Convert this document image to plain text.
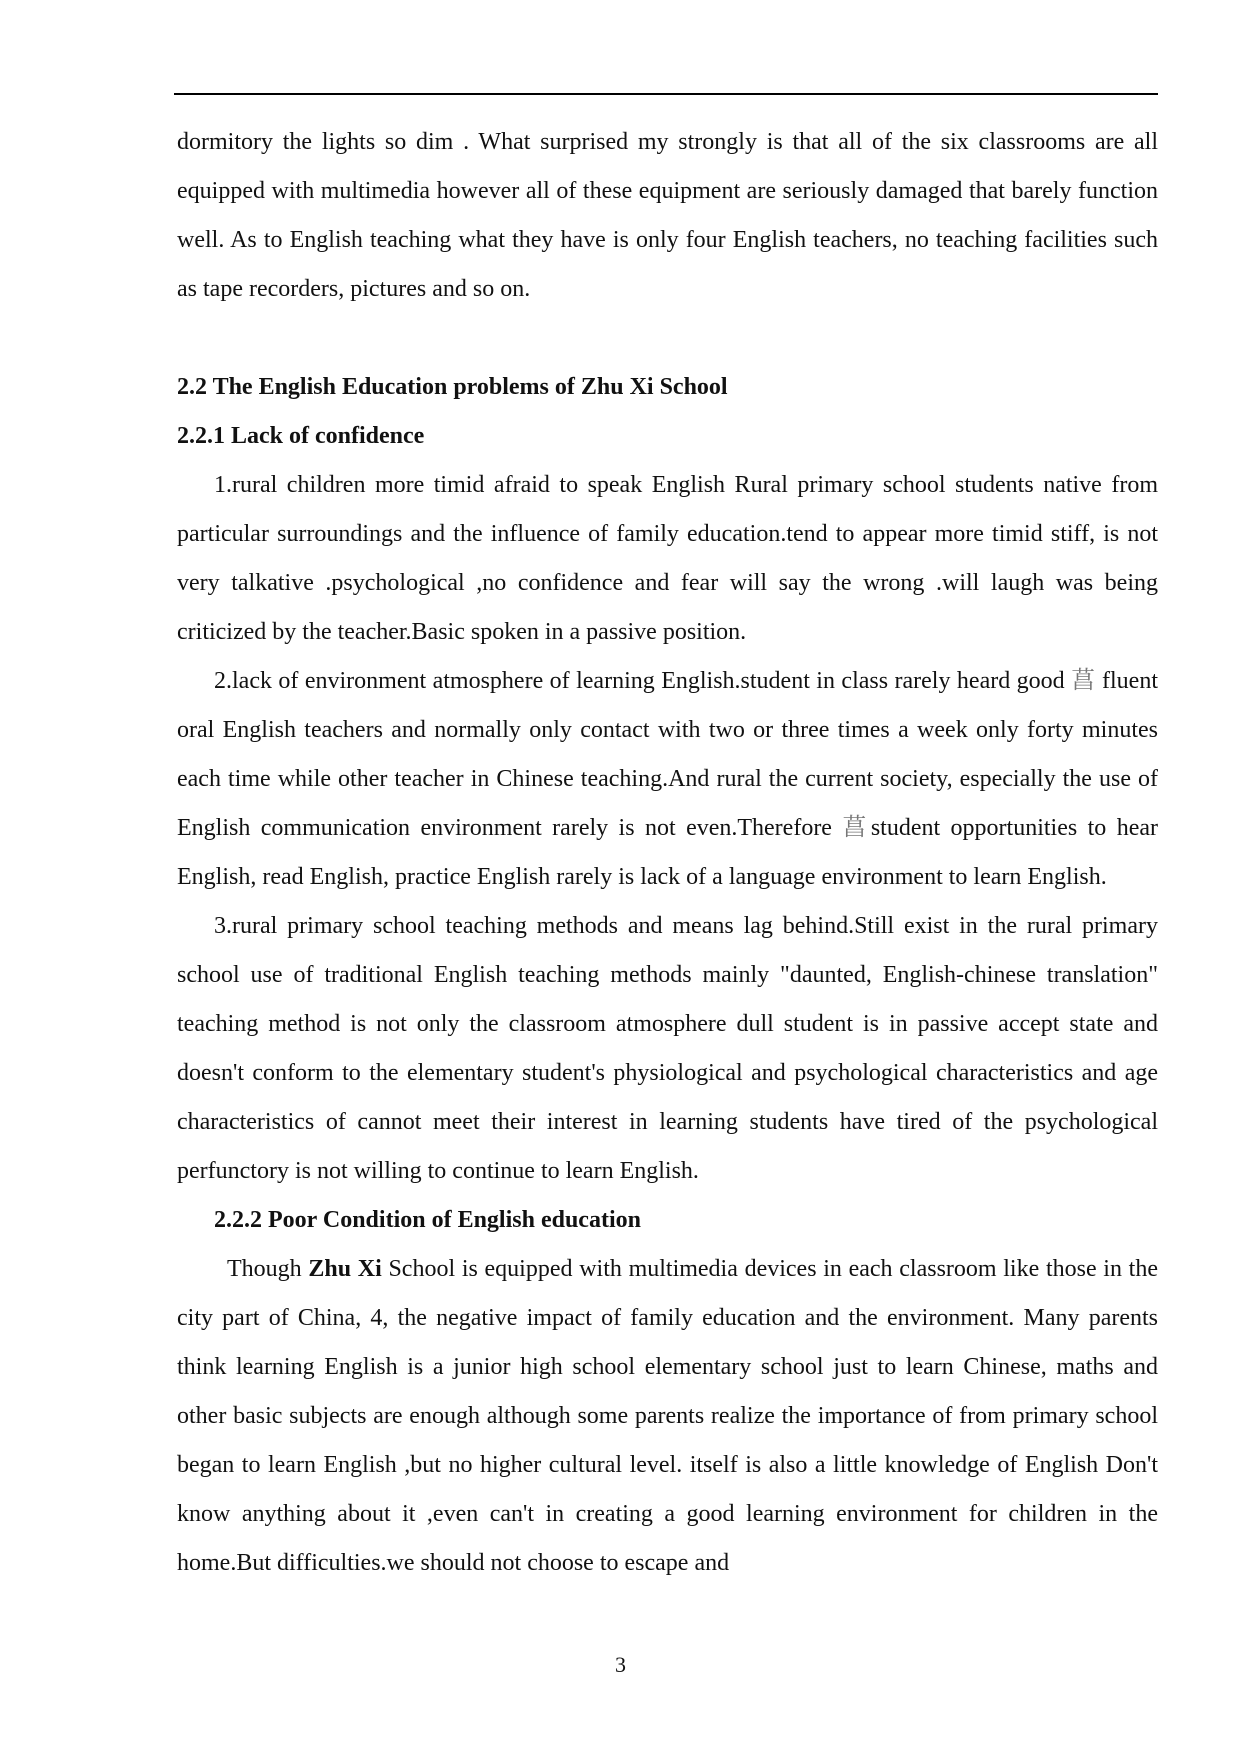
dormitory the lights so dim . What surprised my strongly is that all of the six classrooms are all equipped with multimedia however all of these equipment are seriously damaged that barely function well. As to English teaching what they have is only four English teachers, no teaching facilities such as tape recorders, pictures and so on.

2.2 The English Education problems of Zhu Xi School
2.2.1 Lack of confidence

1.rural children more timid afraid to speak English Rural primary school students native from particular surroundings and the influence of family education.tend to appear more timid stiff, is not very talkative .psychological ,no confidence and fear will say the wrong .will laugh was being criticized by the teacher.Basic spoken in a passive position.

2.lack of environment atmosphere of learning English.student in class rarely heard good 菖 fluent oral English teachers and normally only contact with two or three times a week only forty minutes each time while other teacher in Chinese teaching.And rural the current society, especially the use of English communication environment rarely is not even.Therefore 菖student opportunities to hear English, read English, practice English rarely is lack of a language environment to learn English.

3.rural primary school teaching methods and means lag behind.Still exist in the rural primary school use of traditional English teaching methods mainly "daunted, English-chinese translation" teaching method is not only the classroom atmosphere dull student is in passive accept state and doesn't conform to the elementary student's physiological and psychological characteristics and age characteristics of cannot meet their interest in learning students have tired of the psychological perfunctory is not willing to continue to learn English.

2.2.2 Poor Condition of English education

Though Zhu Xi School is equipped with multimedia devices in each classroom like those in the city part of China, 4, the negative impact of family education and the environment. Many parents think learning English is a junior high school elementary school just to learn Chinese, maths and other basic subjects are enough although some parents realize the importance of from primary school began to learn English ,but no higher cultural level. itself is also a little knowledge of English Don't know anything about it ,even can't in creating a good learning environment for children in the home.But difficulties.we should not choose to escape and

3
